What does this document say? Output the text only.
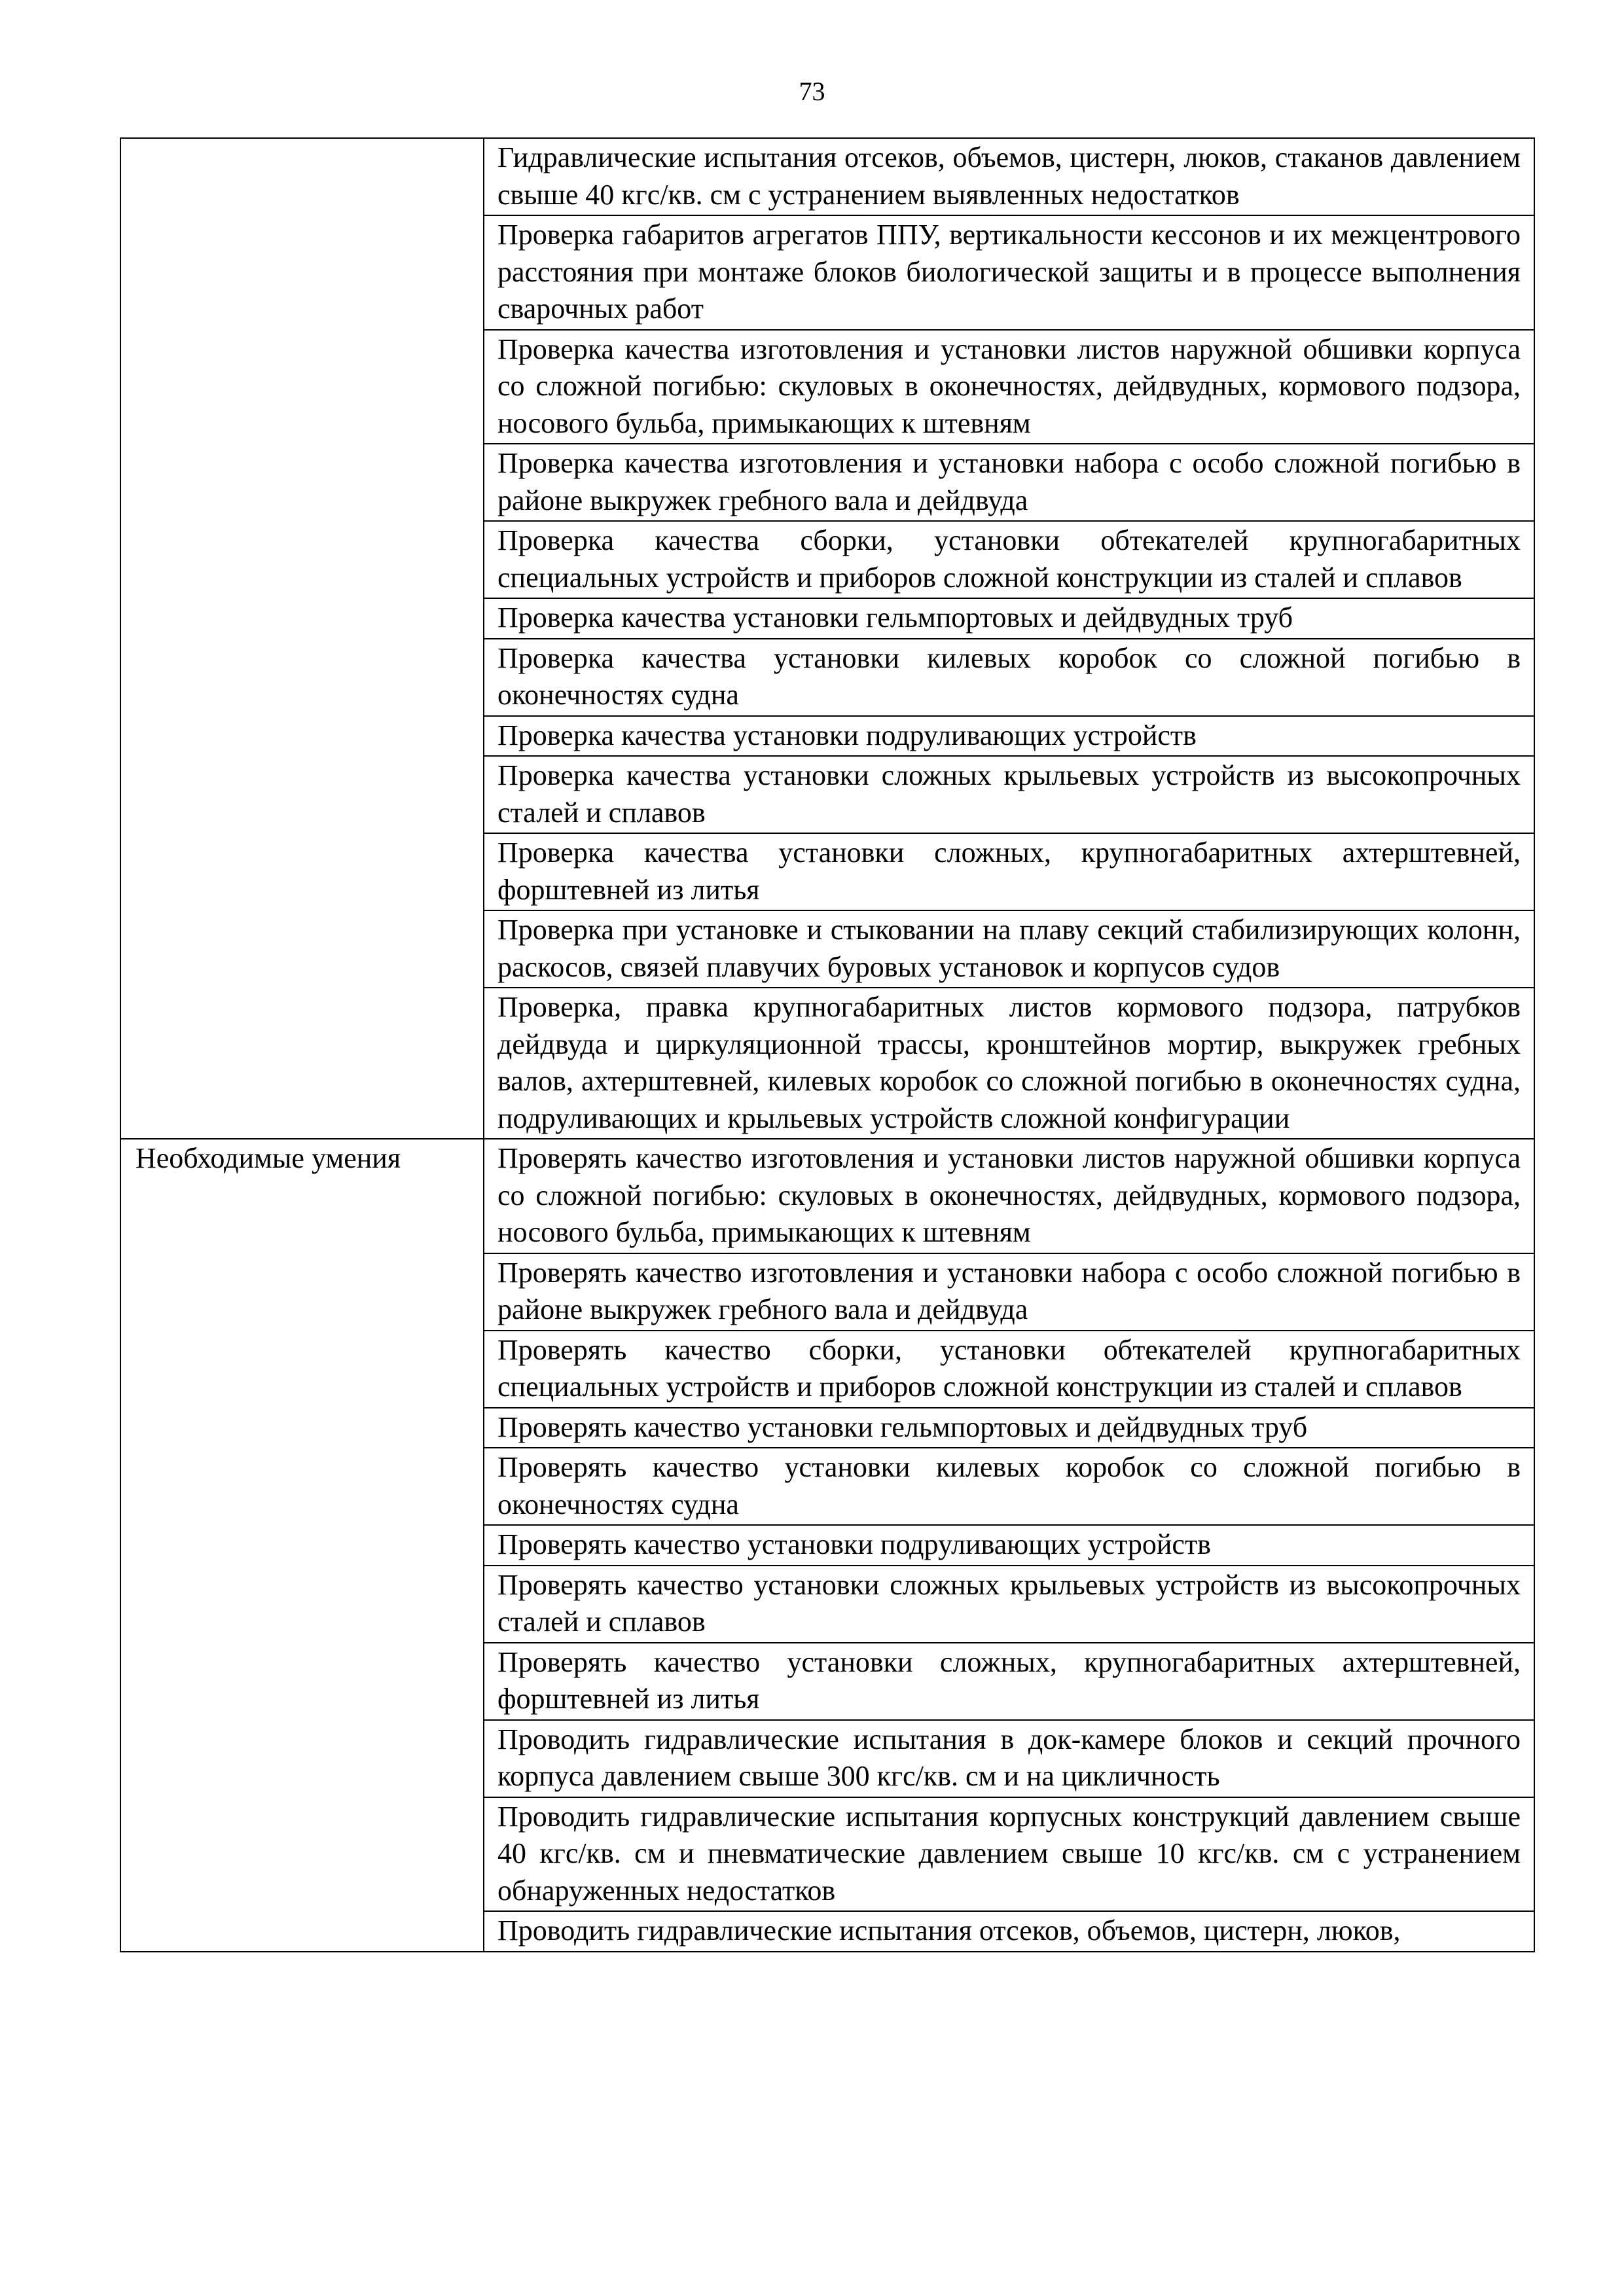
73
	Гидравлические испытания отсеков, объемов, цистерн, люков, стаканов давлением свыше 40 кгс/кв. см с устранением выявленных недостатков
	Проверка габаритов агрегатов ППУ, вертикальности кессонов и их межцентрового расстояния при монтаже блоков биологической защиты и в процессе выполнения сварочных работ
	Проверка качества изготовления и установки листов наружной обшивки корпуса со сложной погибью: скуловых в оконечностях, дейдвудных, кормового подзора, носового бульба, примыкающих к штевням
	Проверка качества изготовления и установки набора с особо сложной погибью в районе выкружек гребного вала и дейдвуда
	Проверка качества сборки, установки обтекателей крупногабаритных специальных устройств и приборов сложной конструкции из сталей и сплавов
	Проверка качества установки гельмпортовых и дейдвудных труб
	Проверка качества установки килевых коробок со сложной погибью в оконечностях судна
	Проверка качества установки подруливающих устройств
	Проверка качества установки сложных крыльевых устройств из высокопрочных сталей и сплавов
	Проверка качества установки сложных, крупногабаритных ахтерштевней, форштевней из литья
	Проверка при установке и стыковании на плаву секций стабилизирующих колонн, раскосов, связей плавучих буровых установок и корпусов судов
	Проверка, правка крупногабаритных листов кормового подзора, патрубков дейдвуда и циркуляционной трассы, кронштейнов мортир, выкружек гребных валов, ахтерштевней, килевых коробок со сложной погибью в оконечностях судна, подруливающих и крыльевых устройств сложной конфигурации
Необходимые умения	Проверять качество изготовления и установки листов наружной обшивки корпуса со сложной погибью: скуловых в оконечностях, дейдвудных, кормового подзора, носового бульба, примыкающих к штевням
	Проверять качество изготовления и установки набора с особо сложной погибью в районе выкружек гребного вала и дейдвуда
	Проверять качество сборки, установки обтекателей крупногабаритных специальных устройств и приборов сложной конструкции из сталей и сплавов
	Проверять качество установки гельмпортовых и дейдвудных труб
	Проверять качество установки килевых коробок со сложной погибью в оконечностях судна
	Проверять качество установки подруливающих устройств
	Проверять качество установки сложных крыльевых устройств из высокопрочных сталей и сплавов
	Проверять качество установки сложных, крупногабаритных ахтерштевней, форштевней из литья
	Проводить гидравлические испытания в док-камере блоков и секций прочного корпуса давлением свыше 300 кгс/кв. см и на цикличность
	Проводить гидравлические испытания корпусных конструкций давлением свыше 40 кгс/кв. см и пневматические давлением свыше 10 кгс/кв. см с устранением обнаруженных недостатков
	Проводить гидравлические испытания отсеков, объемов, цистерн, люков,
